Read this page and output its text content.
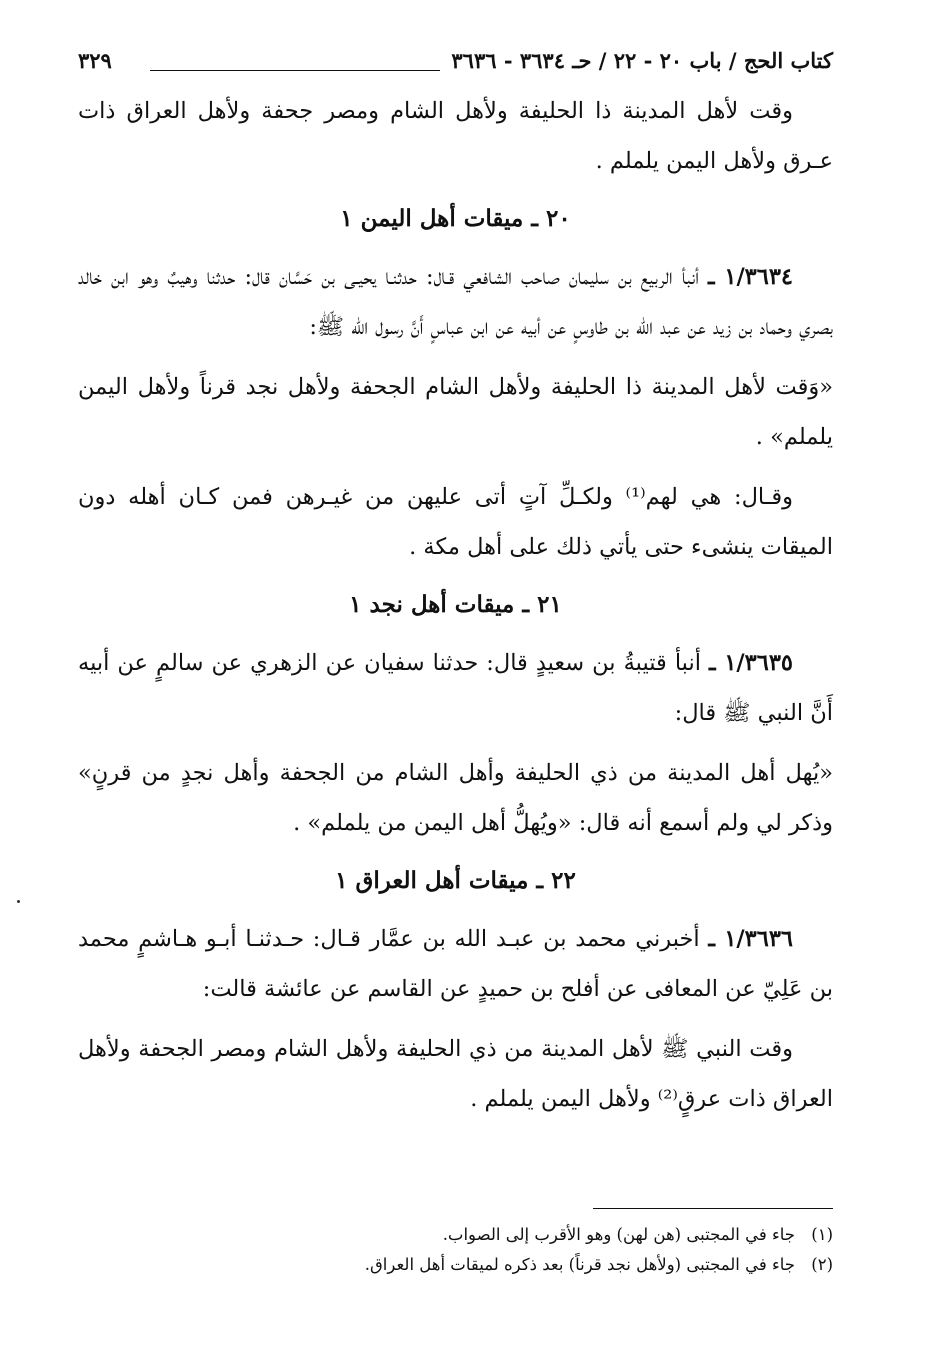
كتاب الحج / باب ٢٠ - ٢٢ / حـ ٣٦٣٤ - ٣٦٣٦
٣٢٩

وقت لأهل المدينة ذا الحليفة ولأهل الشام ومصر جحفة ولأهل العراق ذات عـرق ولأهل اليمن يلملم .

٢٠ ـ ميقات أهل اليمن ١

١/٣٦٣٤ ـ أنبأ الربيع بن سليمان صاحب الشافعي قـال: حدثنـا يحيـى بن حَسَّان قال: حدثنا وهيبٌ وهو ابن خالد بصري وحماد بن زيد عن عبد الله بن طاوسٍ عن أبيه عن ابن عباسٍ أَنَّ رسول الله ﷺ:

«وَقت لأهل المدينة ذا الحليفة ولأهل الشام الجحفة ولأهل نجد قرناً ولأهل اليمن يلملم» .

وقـال: هي لهم⁽¹⁾ ولكـلِّ آتٍ أتى عليهن من غيـرهن فمن كـان أهله دون الميقات ينشىء حتى يأتي ذلك على أهل مكة .

٢١ ـ ميقات أهل نجد ١

١/٣٦٣٥ ـ أنبأ قتيبةُ بن سعيدٍ قال: حدثنا سفيان عن الزهري عن سالمٍ عن أبيه أَنَّ النبي ﷺ قال:

«يُهل أهل المدينة من ذي الحليفة وأهل الشام من الجحفة وأهل نجدٍ من قرنٍ» وذكر لي ولم أسمع أنه قال: «ويُهلُّ أهل اليمن من يلملم» .

٢٢ ـ ميقات أهل العراق ١

١/٣٦٣٦ ـ أخبرني محمد بن عبـد الله بن عمَّار قـال: حـدثنـا أبـو هـاشمٍ محمد بن عَلِيّ عن المعافى عن أفلح بن حميدٍ عن القاسم عن عائشة قالت:

وقت النبي ﷺ لأهل المدينة من ذي الحليفة ولأهل الشام ومصر الجحفة ولأهل العراق ذات عرقٍ⁽²⁾ ولأهل اليمن يلملم .

(١)جاء في المجتبى (هن لهن) وهو الأقرب إلى الصواب.
(٢)جاء في المجتبى (ولأهل نجد قرناً) بعد ذكره لميقات أهل العراق.
